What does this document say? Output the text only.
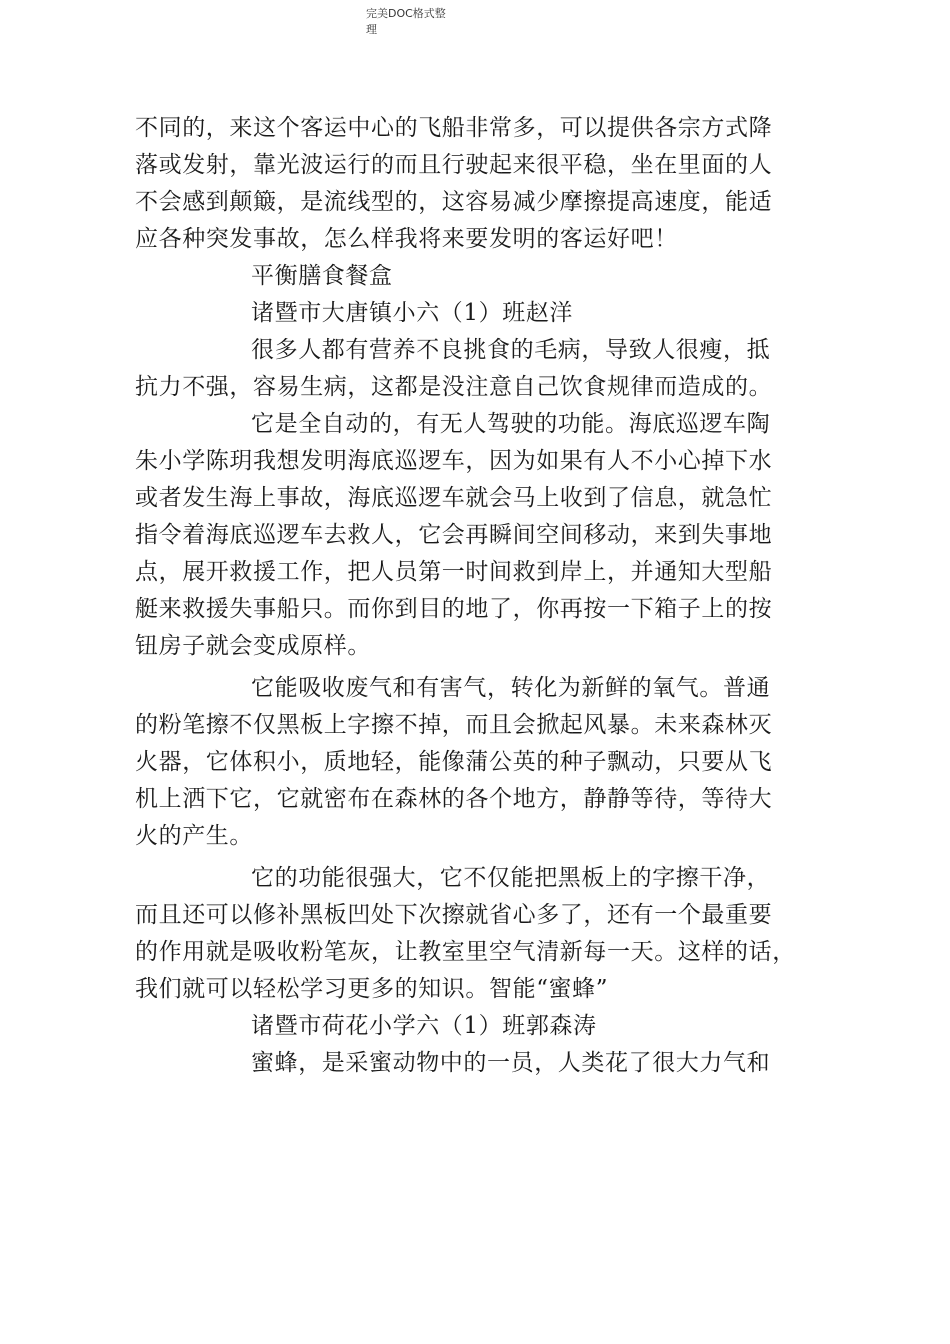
完美DOC格式整
理
不同的，来这个客运中心的飞船非常多，可以提供各宗方式降
落或发射，靠光波运行的而且行驶起来很平稳，坐在里面的人
不会感到颠簸，是流线型的，这容易减少摩擦提高速度，能适
应各种突发事故，怎么样我将来要发明的客运好吧！
平衡膳食餐盒
诸暨市大唐镇小六（1）班赵洋
很多人都有营养不良挑食的毛病，导致人很瘦，抵
抗力不强，容易生病，这都是没注意自己饮食规律而造成的。
它是全自动的，有无人驾驶的功能。海底巡逻车陶
朱小学陈玥我想发明海底巡逻车，因为如果有人不小心掉下水
或者发生海上事故，海底巡逻车就会马上收到了信息，就急忙
指令着海底巡逻车去救人，它会再瞬间空间移动，来到失事地
点，展开救援工作，把人员第一时间救到岸上，并通知大型船
艇来救援失事船只。而你到目的地了，你再按一下箱子上的按
钮房子就会变成原样。
它能吸收废气和有害气，转化为新鲜的氧气。普通
的粉笔擦不仅黑板上字擦不掉，而且会掀起风暴。未来森林灭
火器，它体积小，质地轻，能像蒲公英的种子飘动，只要从飞
机上洒下它，它就密布在森林的各个地方，静静等待，等待大
火的产生。
它的功能很强大，它不仅能把黑板上的字擦干净，
而且还可以修补黑板凹处下次擦就省心多了，还有一个最重要
的作用就是吸收粉笔灰，让教室里空气清新每一天。这样的话，
我们就可以轻松学习更多的知识。智能“蜜蜂”
诸暨市荷花小学六（1）班郭森涛
蜜蜂，是采蜜动物中的一员，人类花了很大力气和
